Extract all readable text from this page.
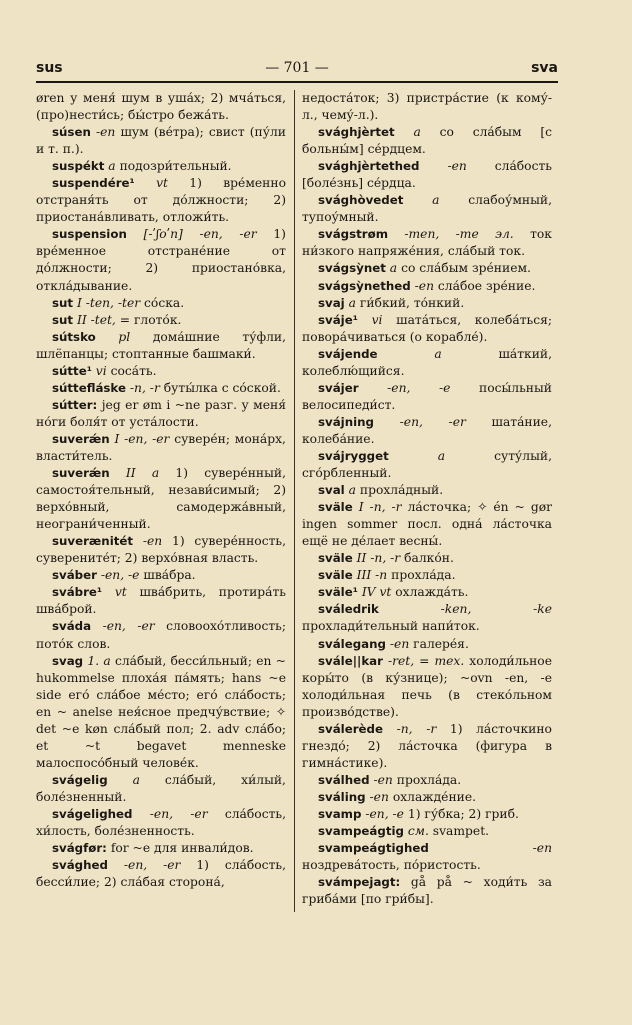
sus	— 701 —	sva

øren у меня́ шум в уша́х; 2) мча́ться, (про)нести́сь; бы́стро бежа́ть.

súsen -en шум (ве́тра); свист (пу́ли и т. п.).

suspékt a подозри́тельный.

suspendére¹ vt 1) вре́менно отстраня́ть от до́лжности; 2) приостана́вливать, отложи́ть.

suspension [-ʹʃoʹn] -en, -er 1) вре́менное отстране́ние от до́лжности; 2) приостано́вка, откла́дывание.

sut I -ten, -ter со́ска.

sut II -tet, = глото́к.

sútsko pl дома́шние ту́фли, шлёпанцы; стоптанные башмаки́.

sútte¹ vi соса́ть.

súttefláske -n, -r буты́лка с со́ской.

sútter: jeg er øm i ~ne разг. у меня́ но́ги боля́т от уста́лости.

suverǽn I -en, -er сувере́н; мона́рх, власти́тель.

suverǽn II a 1) сувере́нный, самостоя́тельный, незави́симый; 2) верхо́вный, самодержа́вный, неограни́ченный.

suverænitét -en 1) сувере́нность, суверените́т; 2) верхо́вная власть.

sváber -en, -e шва́бра.

svábre¹ vt шва́брить, протира́ть шва́брой.

sváda -en, -er словоохо́тливость; пото́к слов.

svag 1. a сла́бый, бесси́льный; en ~ hukommelse плоха́я па́мять; hans ~e side его́ сла́бое ме́сто; его́ сла́бость; en ~ anelse нея́сное предчу́вствие; ✧ det ~e køn сла́бый пол; 2. adv сла́бо; et ~t begavet menneske малоспосо́бный челове́к.

svágelig a сла́бый, хи́лый, боле́зненный.

svágelighed -en, -er сла́бость, хи́лость, боле́зненность.

svágfør: for ~e для инвали́дов.

svághed -en, -er 1) сла́бость, бесси́лие; 2) сла́бая сторона́,

недоста́ток; 3) пристра́стие (к кому́-л., чему́-л.).

svághjèrtet a со сла́бым [с больны́м] се́рдцем.

svághjèrtethed -en сла́бость [боле́знь] се́рдца.

svághòvedet a слабоу́мный, тупоу́мный.

svágstrøm -men, -me эл. ток ни́зкого напряже́ния, сла́бый ток.

svágsỳnet a со сла́бым зре́нием.

svágsỳnethed -en сла́бое зре́ние.

svaj a ги́бкий, то́нкий.

sváje¹ vi шата́ться, колеба́ться; повора́чиваться (о корабле́).

svájende	a	ша́ткий, колеблю́щийся.

svájer -en, -e посы́льный велосипеди́ст.

svájning -en, -er шата́ние, колеба́ние.

svájrygget	a	суту́лый, сго́рбленный.

sval a прохла́дный.

sväle I -n, -r ла́сточка; ✧ én ~ gør ingen sommer посл. одна́ ла́сточка ещё не де́лает весны́.

sväle II -n, -r балко́н.

sväle III -n прохла́да.

sväle¹ IV vt охлажда́ть.

sváledrik	-ken, -ke прохлади́тельный напи́ток.

sválegang -en галере́я.

svále||kar -ret, = тех. холоди́льное коры́то (в ку́знице); ~ovn -en, -e холоди́льная печь (в стеко́льном произво́дстве).

sválerède -n, -r 1) ла́сточкино гнездо́; 2) ла́сточка (фигура в гимна́стике).

sválhed -en прохла́да.

sváling -en охлажде́ние.

svamp -en, -e 1) гу́бка; 2) гриб.

svampeágtig см. svampet.

svampeágtighed	-en ноздрева́тость, по́ристость.

svámpejagt: gå på ~ ходи́ть за гриба́ми [по гри́бы].
